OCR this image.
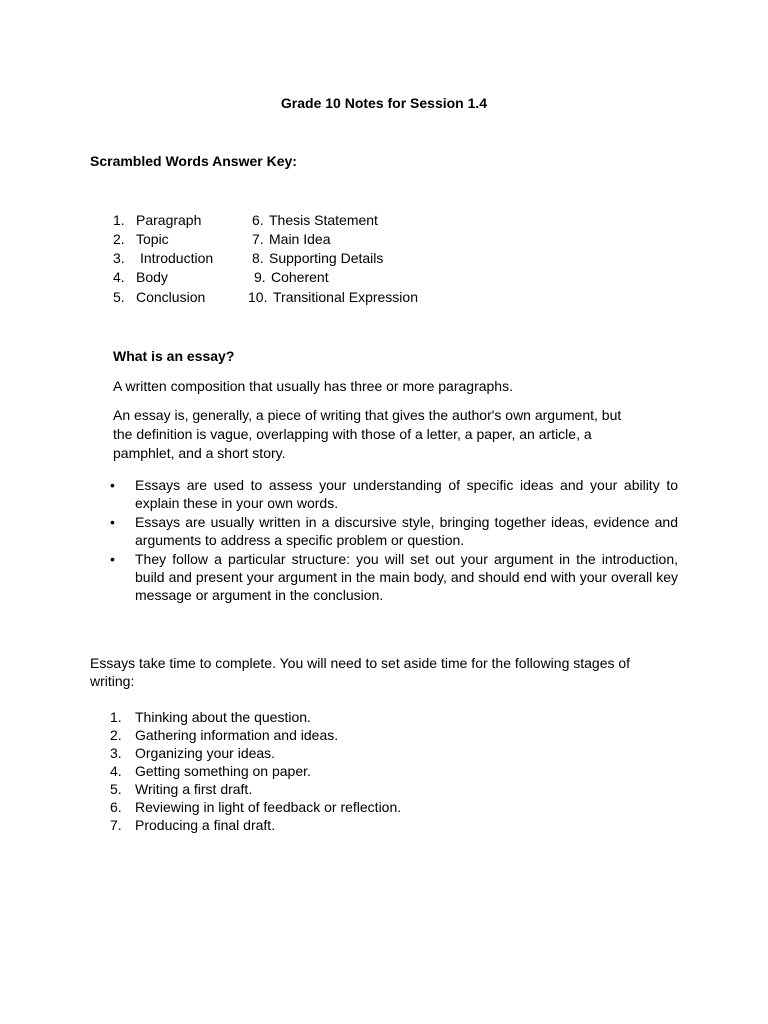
Grade 10 Notes for Session 1.4
Scrambled Words Answer Key:
1. Paragraph	6. Thesis Statement
2. Topic	7. Main Idea
3. Introduction	8. Supporting Details
4. Body	9. Coherent
5. Conclusion	10. Transitional Expression
What is an essay?
A written composition that usually has three or more paragraphs.
An essay is, generally, a piece of writing that gives the author's own argument, but
the definition is vague, overlapping with those of a letter, a paper, an article, a
pamphlet, and a short story.
• Essays are used to assess your understanding of specific ideas and your ability to explain these in your own words.
• Essays are usually written in a discursive style, bringing together ideas, evidence and arguments to address a specific problem or question.
• They follow a particular structure: you will set out your argument in the introduction, build and present your argument in the main body, and should end with your overall key message or argument in the conclusion.
Essays take time to complete. You will need to set aside time for the following stages of
writing:
1. Thinking about the question.
2. Gathering information and ideas.
3. Organizing your ideas.
4. Getting something on paper.
5. Writing a first draft.
6. Reviewing in light of feedback or reflection.
7. Producing a final draft.
